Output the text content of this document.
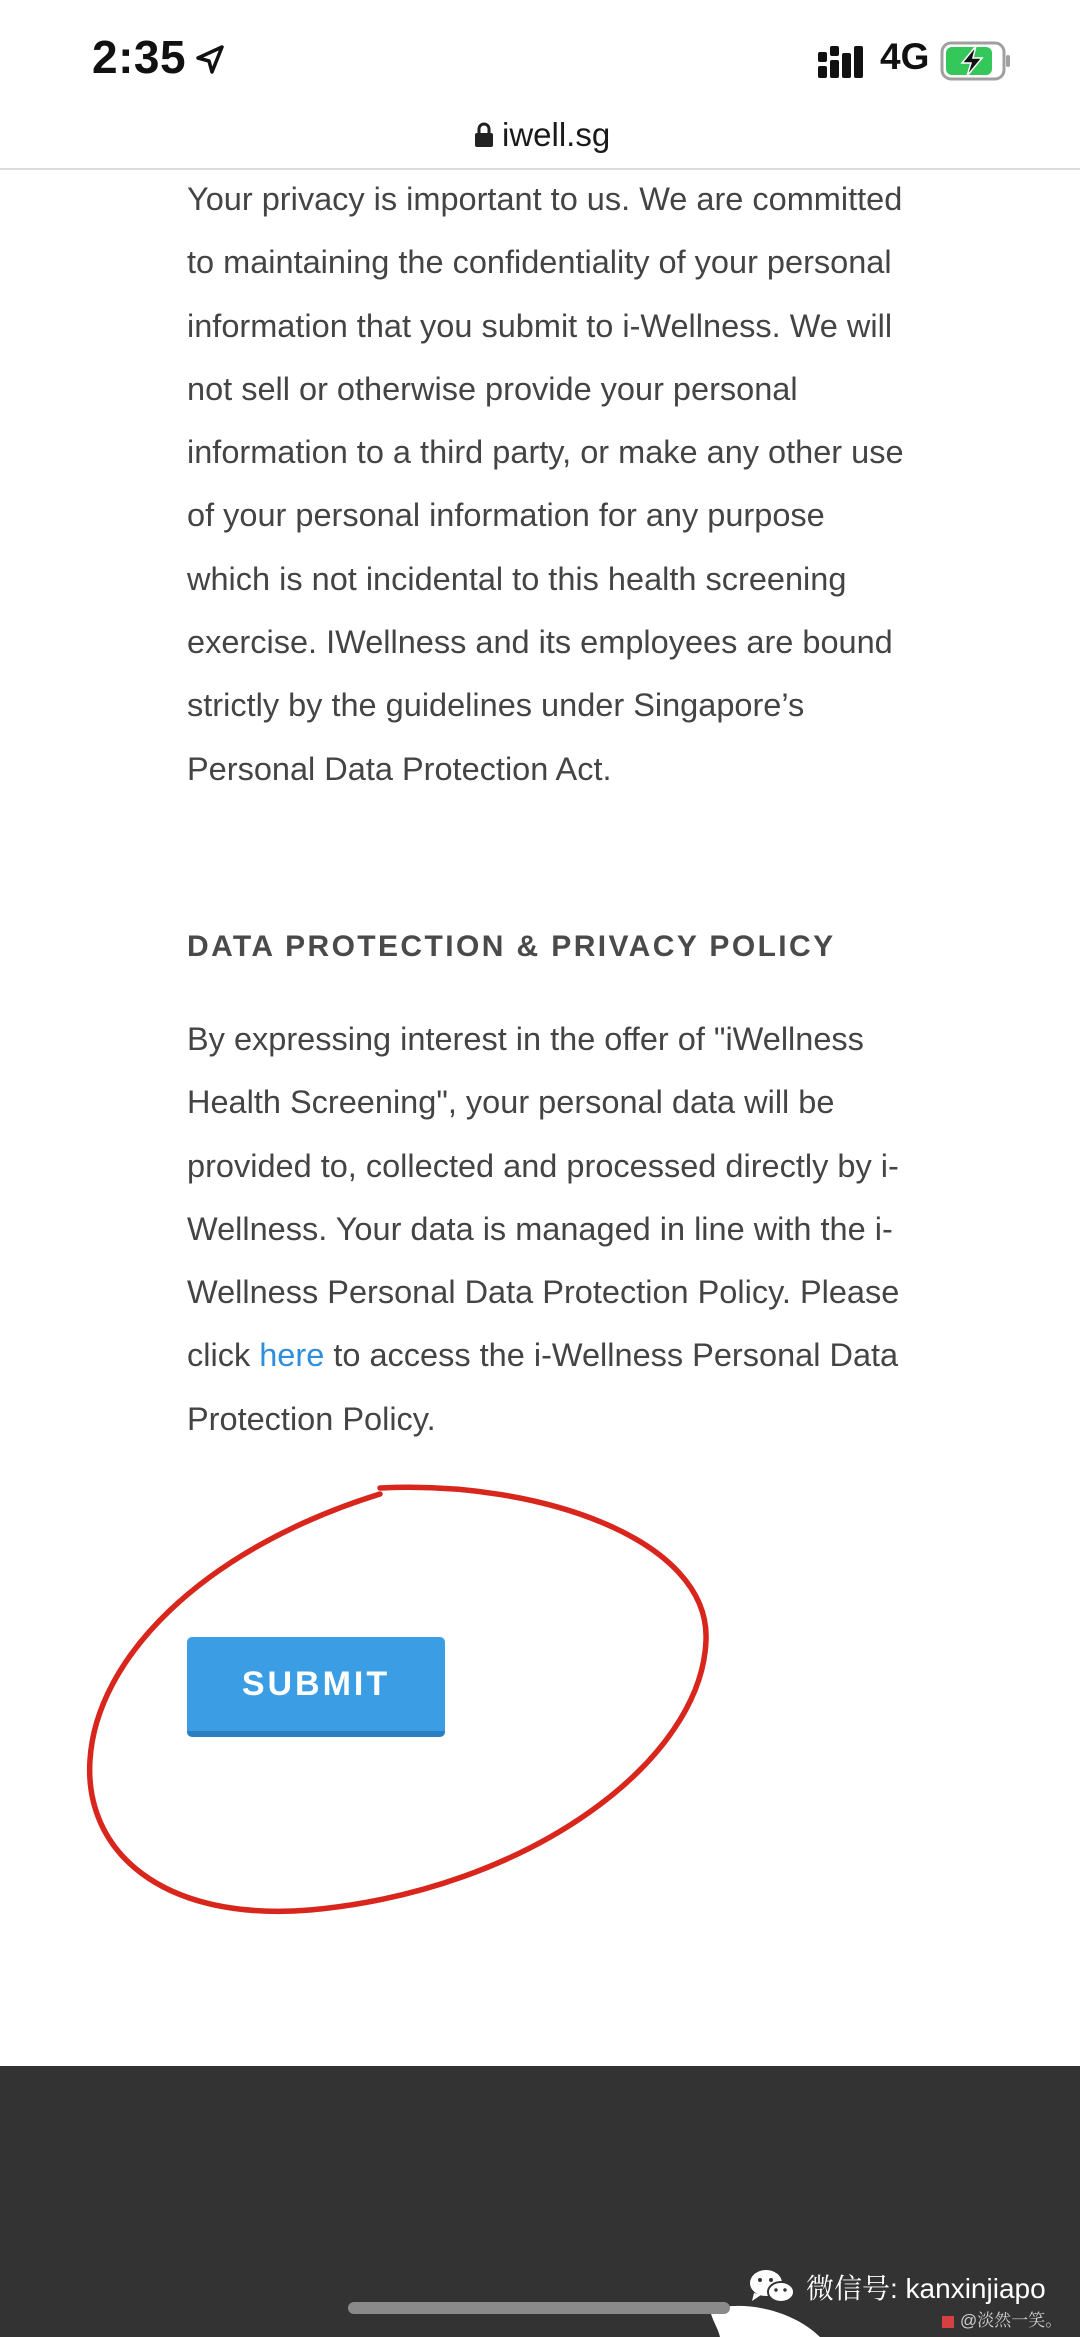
2:35	4G
iwell.sg

Your privacy is important to us. We are committed to maintaining the confidentiality of your personal information that you submit to i-Wellness. We will not sell or otherwise provide your personal information to a third party, or make any other use of your personal information for any purpose which is not incidental to this health screening exercise. IWellness and its employees are bound strictly by the guidelines under Singapore’s Personal Data Protection Act.

DATA PROTECTION & PRIVACY POLICY

By expressing interest in the offer of "iWellness Health Screening", your personal data will be provided to, collected and processed directly by i-Wellness. Your data is managed in line with the i-Wellness Personal Data Protection Policy. Please click here to access the i-Wellness Personal Data Protection Policy.

SUBMIT
微信号: kanxinjiapo
@淡然一笑。
